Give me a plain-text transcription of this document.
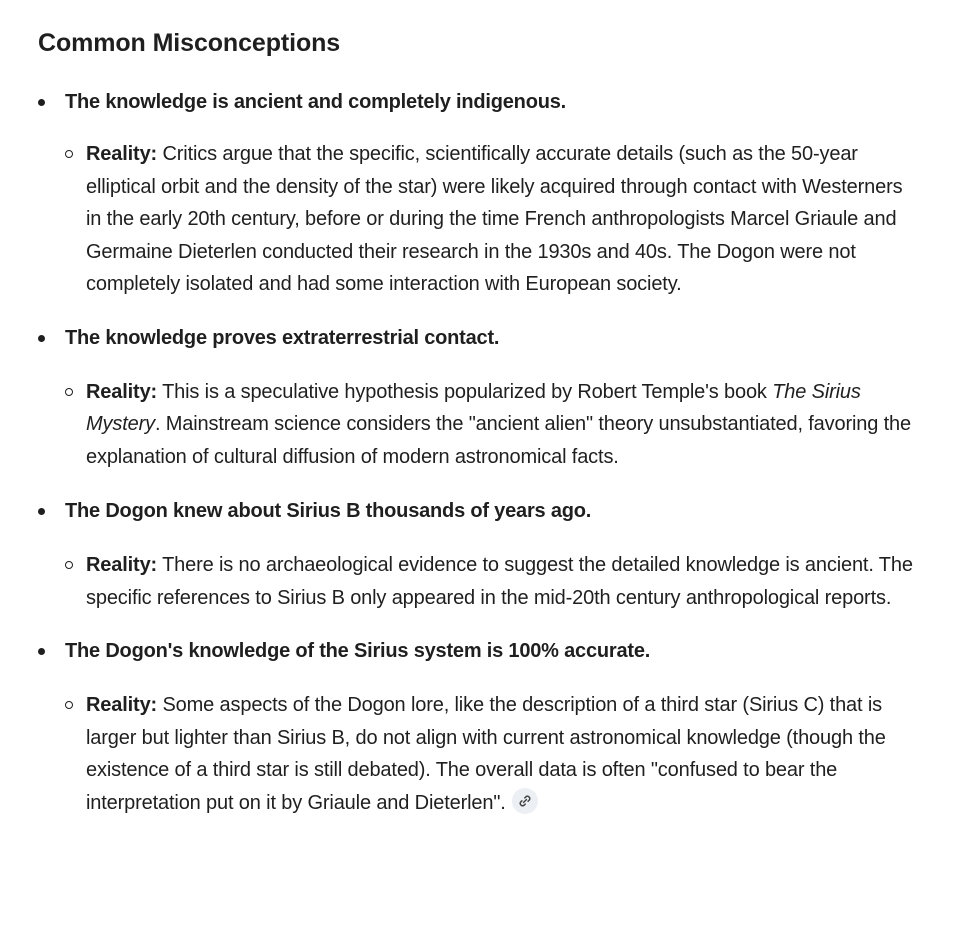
Common Misconceptions
The knowledge is ancient and completely indigenous.
Reality: Critics argue that the specific, scientifically accurate details (such as the 50-year elliptical orbit and the density of the star) were likely acquired through contact with Westerners in the early 20th century, before or during the time French anthropologists Marcel Griaule and Germaine Dieterlen conducted their research in the 1930s and 40s. The Dogon were not completely isolated and had some interaction with European society.
The knowledge proves extraterrestrial contact.
Reality: This is a speculative hypothesis popularized by Robert Temple's book The Sirius Mystery. Mainstream science considers the "ancient alien" theory unsubstantiated, favoring the explanation of cultural diffusion of modern astronomical facts.
The Dogon knew about Sirius B thousands of years ago.
Reality: There is no archaeological evidence to suggest the detailed knowledge is ancient. The specific references to Sirius B only appeared in the mid-20th century anthropological reports.
The Dogon's knowledge of the Sirius system is 100% accurate.
Reality: Some aspects of the Dogon lore, like the description of a third star (Sirius C) that is larger but lighter than Sirius B, do not align with current astronomical knowledge (though the existence of a third star is still debated). The overall data is often "confused to bear the interpretation put on it by Griaule and Dieterlen".
